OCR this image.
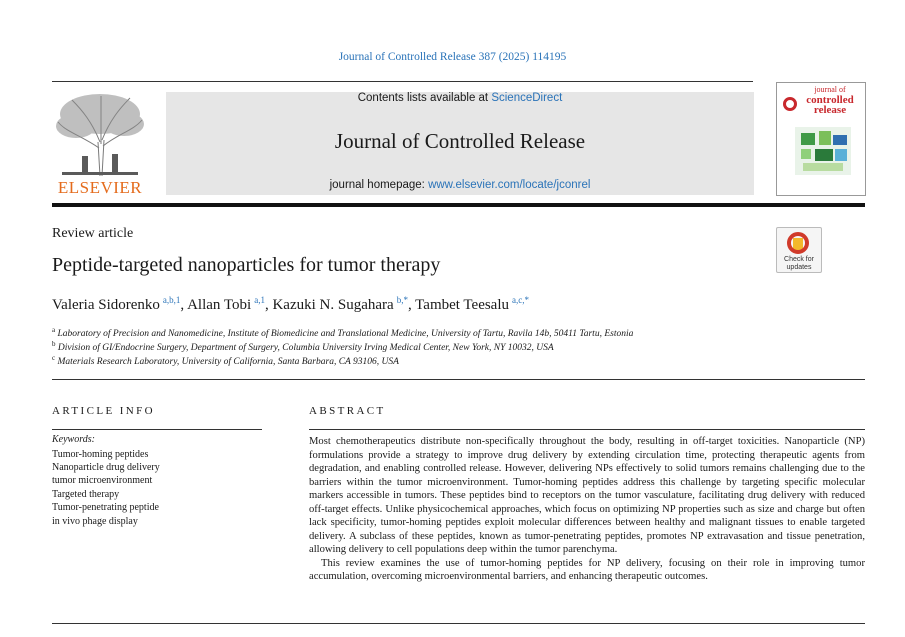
Journal of Controlled Release 387 (2025) 114195
ELSEVIER
Contents lists available at ScienceDirect
Journal of Controlled Release
journal homepage: www.elsevier.com/locate/jconrel
journal of
controlled
release
Review article
Peptide-targeted nanoparticles for tumor therapy	Check for
updates
Valeria Sidorenko  $^{a,b,1}$, Allan Tobi  $^{a,1}$, Kazuki N. Sugahara  $^{b,*}$, Tambet Teesalu  $^{a,c,*}$
$^a$ Laboratory of Precision and Nanomedicine, Institute of Biomedicine and Translational Medicine, University of Tartu, Ravila 14b, 50411 Tartu, Estonia
$^b$ Division of GI/Endocrine Surgery, Department of Surgery, Columbia University Irving Medical Center, New York, NY 10032, USA
$^c$ Materials Research Laboratory, University of California, Santa Barbara, CA 93106, USA
ARTICLE INFO	ABSTRACT
Keywords:
Tumor-homing peptides
Nanoparticle drug delivery
tumor microenvironment
Targeted therapy
Tumor-penetrating peptide
in vivo phage display

Most chemotherapeutics distribute non-specifically throughout the body, resulting in off-target toxicities. Nanoparticle (NP) formulations provide a strategy to improve drug delivery by extending circulation time, protecting therapeutic agents from degradation, and enabling controlled release. However, delivering NPs effectively to solid tumors remains challenging due to the barriers within the tumor microenvironment. Tumor-homing peptides address this challenge by targeting specific molecular markers accessible in tumors. These peptides bind to receptors on the tumor vasculature, facilitating drug delivery with reduced off-target effects. Unlike physicochemical approaches, which focus on optimizing NP properties such as size and charge but often lack specificity, tumor-homing peptides exploit molecular differences between healthy and malignant tissues to enable targeted delivery. A subclass of these peptides, known as tumor-penetrating peptides, promotes NP extravasation and tissue penetration, allowing delivery to cell populations deep within the tumor parenchyma.

This review examines the use of tumor-homing peptides for NP delivery, focusing on their role in improving tumor accumulation, overcoming microenvironmental barriers, and enhancing therapeutic outcomes.
